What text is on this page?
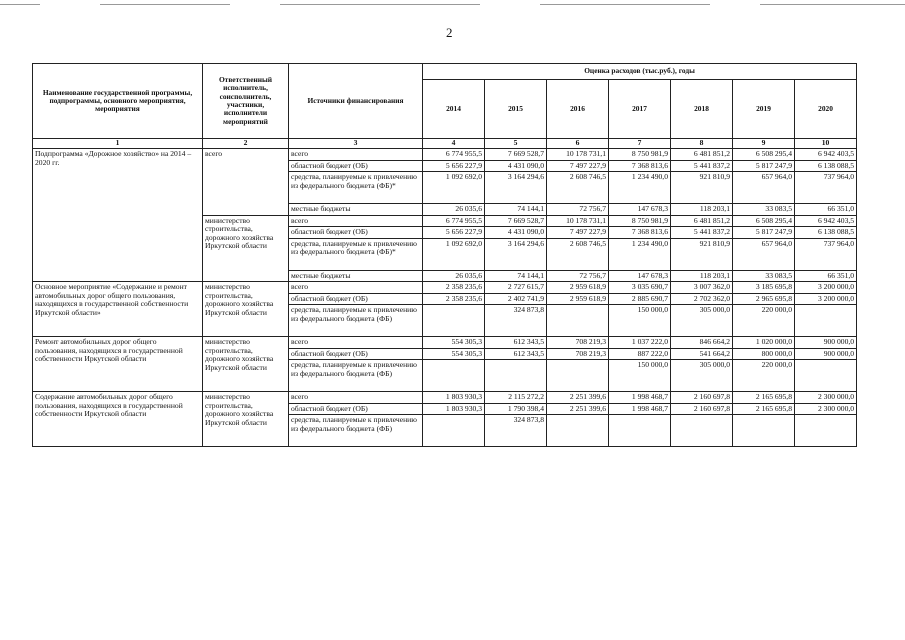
2
Наименование государственной программы, подпрограммы, основного мероприятия, мероприятия	Ответственный исполнитель, соисполнитель, участники, исполнители мероприятий	Источники финансирования	Оценка расходов (тыс.руб.), годы						
			2014	2015	2016	2017	2018	2019	2020
1	2	3	4	5	6	7	8	9	10
Подпрограмма «Дорожное хозяйство» на 2014 – 2020 гг.	всего	всего	6 774 955,5	7 669 528,7	10 178 731,1	8 750 981,9	6 481 851,2	6 508 295,4	6 942 403,5
		областной бюджет (ОБ)	5 656 227,9	4 431 090,0	7 497 227,9	7 368 813,6	5 441 837,2	5 817 247,9	6 138 088,5
		средства, планируемые к привлечению из федерального бюджета (ФБ)*	1 092 692,0	3 164 294,6	2 608 746,5	1 234 490,0	921 810,9	657 964,0	737 964,0
		местные бюджеты	26 035,6	74 144,1	72 756,7	147 678,3	118 203,1	33 083,5	66 351,0
	министерство строительства, дорожного хозяйства Иркутской области	всего	6 774 955,5	7 669 528,7	10 178 731,1	8 750 981,9	6 481 851,2	6 508 295,4	6 942 403,5
		областной бюджет (ОБ)	5 656 227,9	4 431 090,0	7 497 227,9	7 368 813,6	5 441 837,2	5 817 247,9	6 138 088,5
		средства, планируемые к привлечению из федерального бюджета (ФБ)*	1 092 692,0	3 164 294,6	2 608 746,5	1 234 490,0	921 810,9	657 964,0	737 964,0
		местные бюджеты	26 035,6	74 144,1	72 756,7	147 678,3	118 203,1	33 083,5	66 351,0
Основное мероприятие «Содержание и ремонт автомобильных дорог общего пользования, находящихся в государственной собственности Иркутской области»	министерство строительства, дорожного хозяйства Иркутской области	всего	2 358 235,6	2 727 615,7	2 959 618,9	3 035 690,7	3 007 362,0	3 185 695,8	3 200 000,0
		областной бюджет (ОБ)	2 358 235,6	2 402 741,9	2 959 618,9	2 885 690,7	2 702 362,0	2 965 695,8	3 200 000,0
		средства, планируемые к привлечению из федерального бюджета (ФБ)		324 873,8		150 000,0	305 000,0	220 000,0	
Ремонт автомобильных дорог общего пользования, находящихся в государственной собственности Иркутской области	министерство строительства, дорожного хозяйства Иркутской области	всего	554 305,3	612 343,5	708 219,3	1 037 222,0	846 664,2	1 020 000,0	900 000,0
		областной бюджет (ОБ)	554 305,3	612 343,5	708 219,3	887 222,0	541 664,2	800 000,0	900 000,0
		средства, планируемые к привлечению из федерального бюджета (ФБ)				150 000,0	305 000,0	220 000,0	
Содержание автомобильных дорог общего пользования, находящихся в государственной собственности Иркутской области	министерство строительства, дорожного хозяйства Иркутской области	всего	1 803 930,3	2 115 272,2	2 251 399,6	1 998 468,7	2 160 697,8	2 165 695,8	2 300 000,0
		областной бюджет (ОБ)	1 803 930,3	1 790 398,4	2 251 399,6	1 998 468,7	2 160 697,8	2 165 695,8	2 300 000,0
		средства, планируемые к привлечению из федерального бюджета (ФБ)		324 873,8					
